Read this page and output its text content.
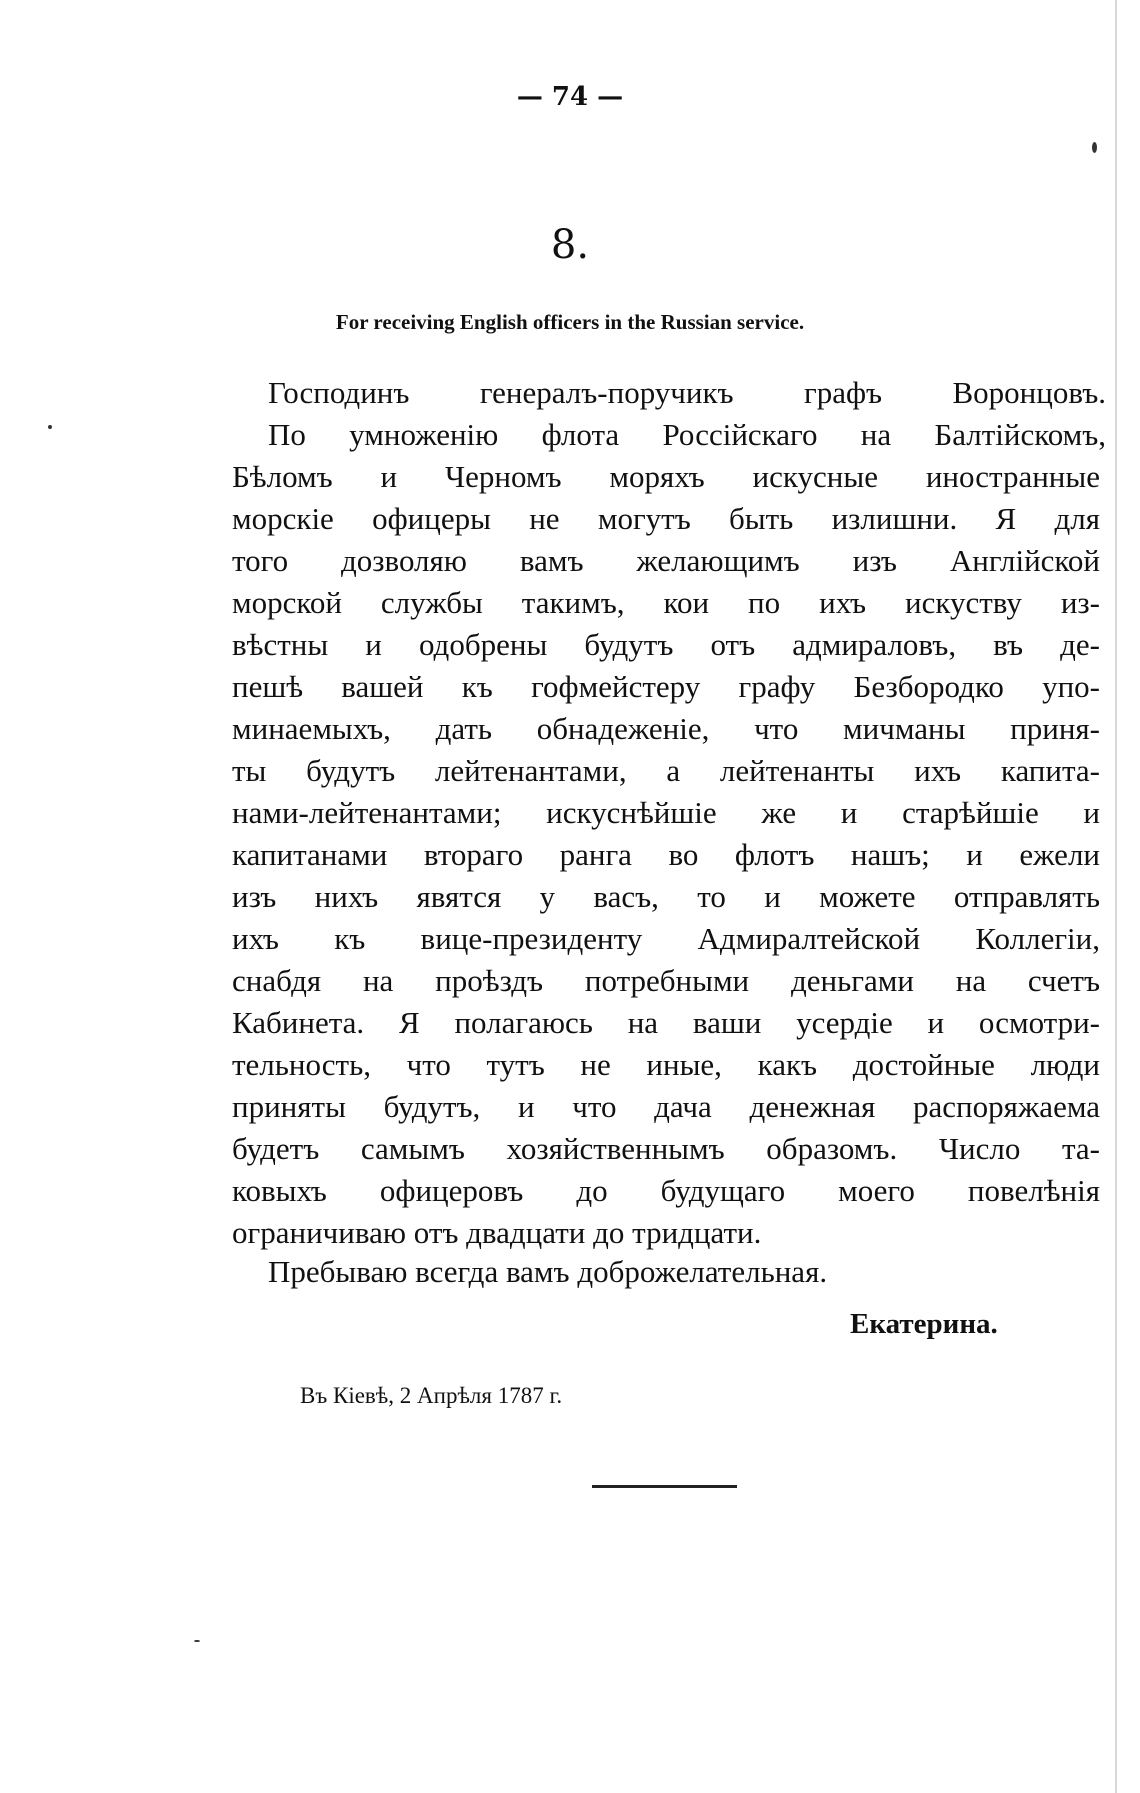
— 74 —
8.
For receiving English officers in the Russian service.
Господинъ генералъ-поручикъ графъ Воронцовъ.
По умноженію флота Россійскаго на Балтійскомъ,
Бѣломъ и Черномъ моряхъ искусные иностранные
морскіе офицеры не могутъ быть излишни. Я для
того дозволяю вамъ желающимъ изъ Англійской
морской службы такимъ, кои по ихъ искуству из-
вѣстны и одобрены будутъ отъ адмираловъ, въ де-
пешѣ вашей къ гофмейстеру графу Безбородко упо-
минаемыхъ, дать обнадеженіе, что мичманы приня-
ты будутъ лейтенантами, а лейтенанты ихъ капита-
нами-лейтенантами; искуснѣйшіе же и старѣйшіе и
капитанами втораго ранга во флотъ нашъ; и ежели
изъ нихъ явятся у васъ, то и можете отправлять
ихъ къ вице-президенту Адмиралтейской Коллегіи,
снабдя на проѣздъ потребными деньгами на счетъ
Кабинета. Я полагаюсь на ваши усердіе и осмотри-
тельность, что тутъ не иные, какъ достойные люди
приняты будутъ, и что дача денежная распоряжаема
будетъ самымъ хозяйственнымъ образомъ. Число та-
ковыхъ офицеровъ до будущаго моего повелѣнія
ограничиваю отъ двадцати до тридцати.
Пребываю всегда вамъ доброжелательная.
Екатерина.
Въ Кіевѣ, 2 Апрѣля 1787 г.
